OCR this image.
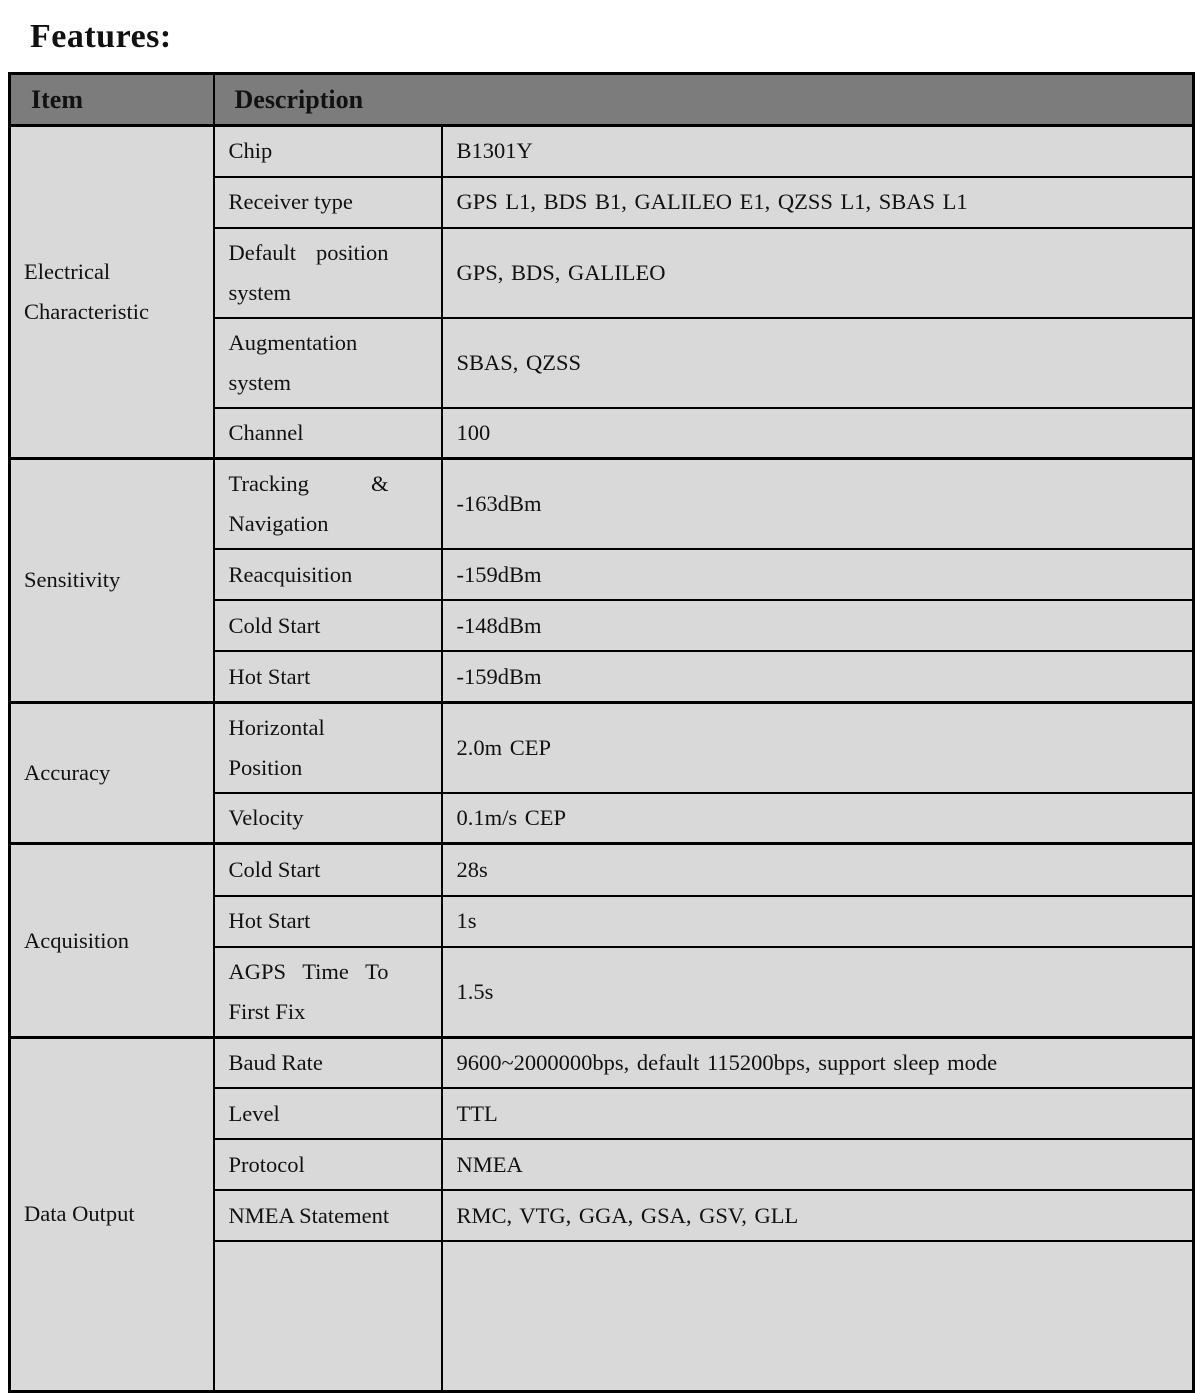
Features:
Item	Description	
Electrical Characteristic	Chip	B1301Y

	Receiver type	GPS L1, BDS B1, GALILEO E1, QZSS L1, SBAS L1

	Default position system	GPS, BDS, GALILEO

	Augmentation system	SBAS, QZSS

	Channel	100
Sensitivity	Tracking & Navigation	-163dBm

	Reacquisition	-159dBm

	Cold Start	-148dBm

	Hot Start	-159dBm
Accuracy	Horizontal Position	2.0m CEP

	Velocity	0.1m/s CEP
Acquisition	Cold Start	28s

	Hot Start	1s

	AGPS Time To First Fix	1.5s
Data Output	Baud Rate	9600~2000000bps, default 115200bps, support sleep mode

	Level	TTL

	Protocol	NMEA

	NMEA Statement	RMC, VTG, GGA, GSA, GSV, GLL
